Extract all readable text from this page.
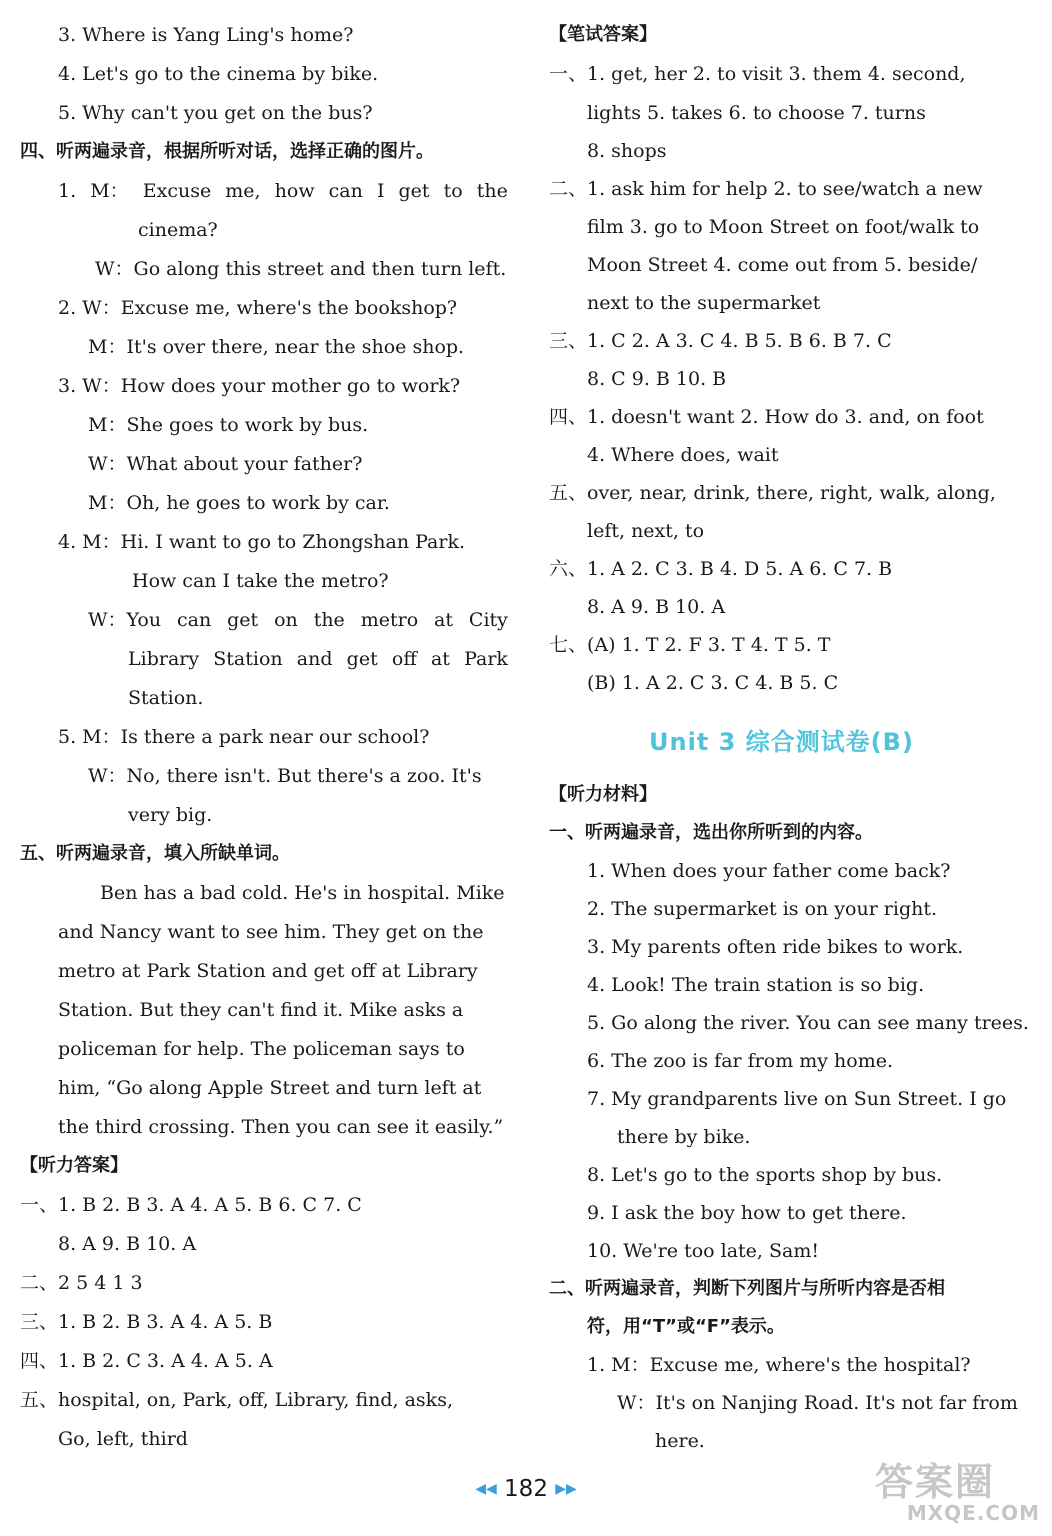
3. Where is Yang Ling's home?
4. Let's go to the cinema by bike.
5. Why can't you get on the bus?
四、听两遍录音，根据所听对话，选择正确的图片。
1. M： Excuse me, how can I get to the
cinema?
W：Go along this street and then turn left.
2. W：Excuse me, where's the bookshop?
M：It's over there, near the shoe shop.
3. W：How does your mother go to work?
M：She goes to work by bus.
W：What about your father?
M：Oh, he goes to work by car.
4. M：Hi. I want to go to Zhongshan Park.
How can I take the metro?
W：You can get on the metro at City
Library Station and get off at Park
Station.
5. M：Is there a park near our school?
W：No, there isn't. But there's a zoo. It's
very big.
五、听两遍录音，填入所缺单词。
Ben has a bad cold. He's in hospital. Mike
and Nancy want to see him. They get on the
metro at Park Station and get off at Library
Station. But they can't find it. Mike asks a
policeman for help. The policeman says to
him, “Go along Apple Street and turn left at
the third crossing. Then you can see it easily.”
【听力答案】
一、1. B 2. B 3. A 4. A 5. B 6. C 7. C
8. A 9. B 10. A
二、2 5 4 1 3
三、1. B 2. B 3. A 4. A 5. B
四、1. B 2. C 3. A 4. A 5. A
五、hospital, on, Park, off, Library, find, asks,
Go, left, third
【笔试答案】
一、1. get, her 2. to visit 3. them 4. second,
lights 5. takes 6. to choose 7. turns
8. shops
二、1. ask him for help 2. to see/watch a new
film 3. go to Moon Street on foot/walk to
Moon Street 4. come out from 5. beside/
next to the supermarket
三、1. C 2. A 3. C 4. B 5. B 6. B 7. C
8. C 9. B 10. B
四、1. doesn't want 2. How do 3. and, on foot
4. Where does, wait
五、over, near, drink, there, right, walk, along,
left, next, to
六、1. A 2. C 3. B 4. D 5. A 6. C 7. B
8. A 9. B 10. A
七、(A) 1. T 2. F 3. T 4. T 5. T
(B) 1. A 2. C 3. C 4. B 5. C
Unit 3 综合测试卷(B)
【听力材料】
一、听两遍录音，选出你所听到的内容。
1. When does your father come back?
2. The supermarket is on your right.
3. My parents often ride bikes to work.
4. Look! The train station is so big.
5. Go along the river. You can see many trees.
6. The zoo is far from my home.
7. My grandparents live on Sun Street. I go
there by bike.
8. Let's go to the sports shop by bus.
9. I ask the boy how to get there.
10. We're too late, Sam!
二、听两遍录音，判断下列图片与所听内容是否相
符，用“T”或“F”表示。
1. M：Excuse me, where's the hospital?
W：It's on Nanjing Road. It's not far from
here.
◀◀ 182 ▶▶	答案圈
MXQE.COM
